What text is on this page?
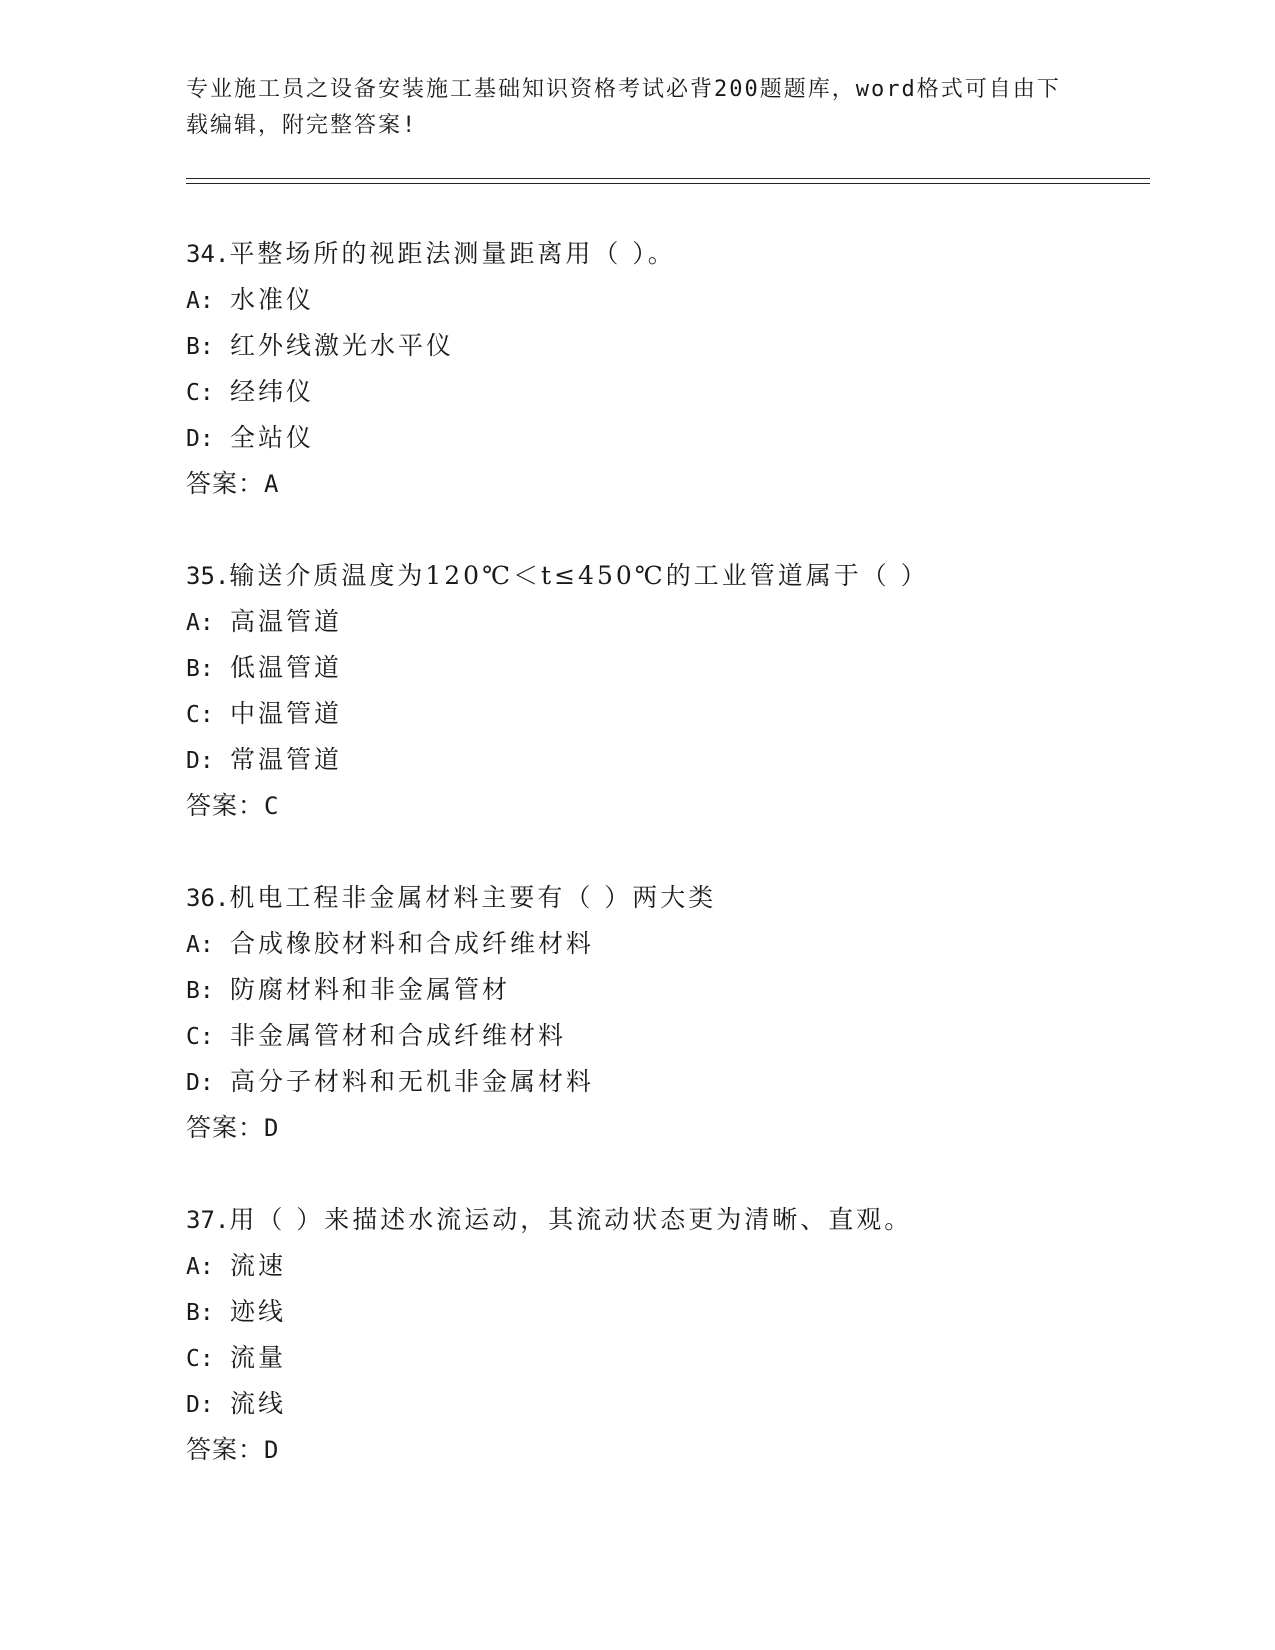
专业施工员之设备安装施工基础知识资格考试必背200题题库，word格式可自由下载编辑，附完整答案!
34.平整场所的视距法测量距离用（ ）。
A: 水准仪
B: 红外线激光水平仪
C: 经纬仪
D: 全站仪
答案：A
35.输送介质温度为120℃＜t≤450℃的工业管道属于（ ）
A: 高温管道
B: 低温管道
C: 中温管道
D: 常温管道
答案：C
36.机电工程非金属材料主要有（ ）两大类
A: 合成橡胶材料和合成纤维材料
B: 防腐材料和非金属管材
C: 非金属管材和合成纤维材料
D: 高分子材料和无机非金属材料
答案：D
37.用（ ）来描述水流运动，其流动状态更为清晰、直观。
A: 流速
B: 迹线
C: 流量
D: 流线
答案：D
